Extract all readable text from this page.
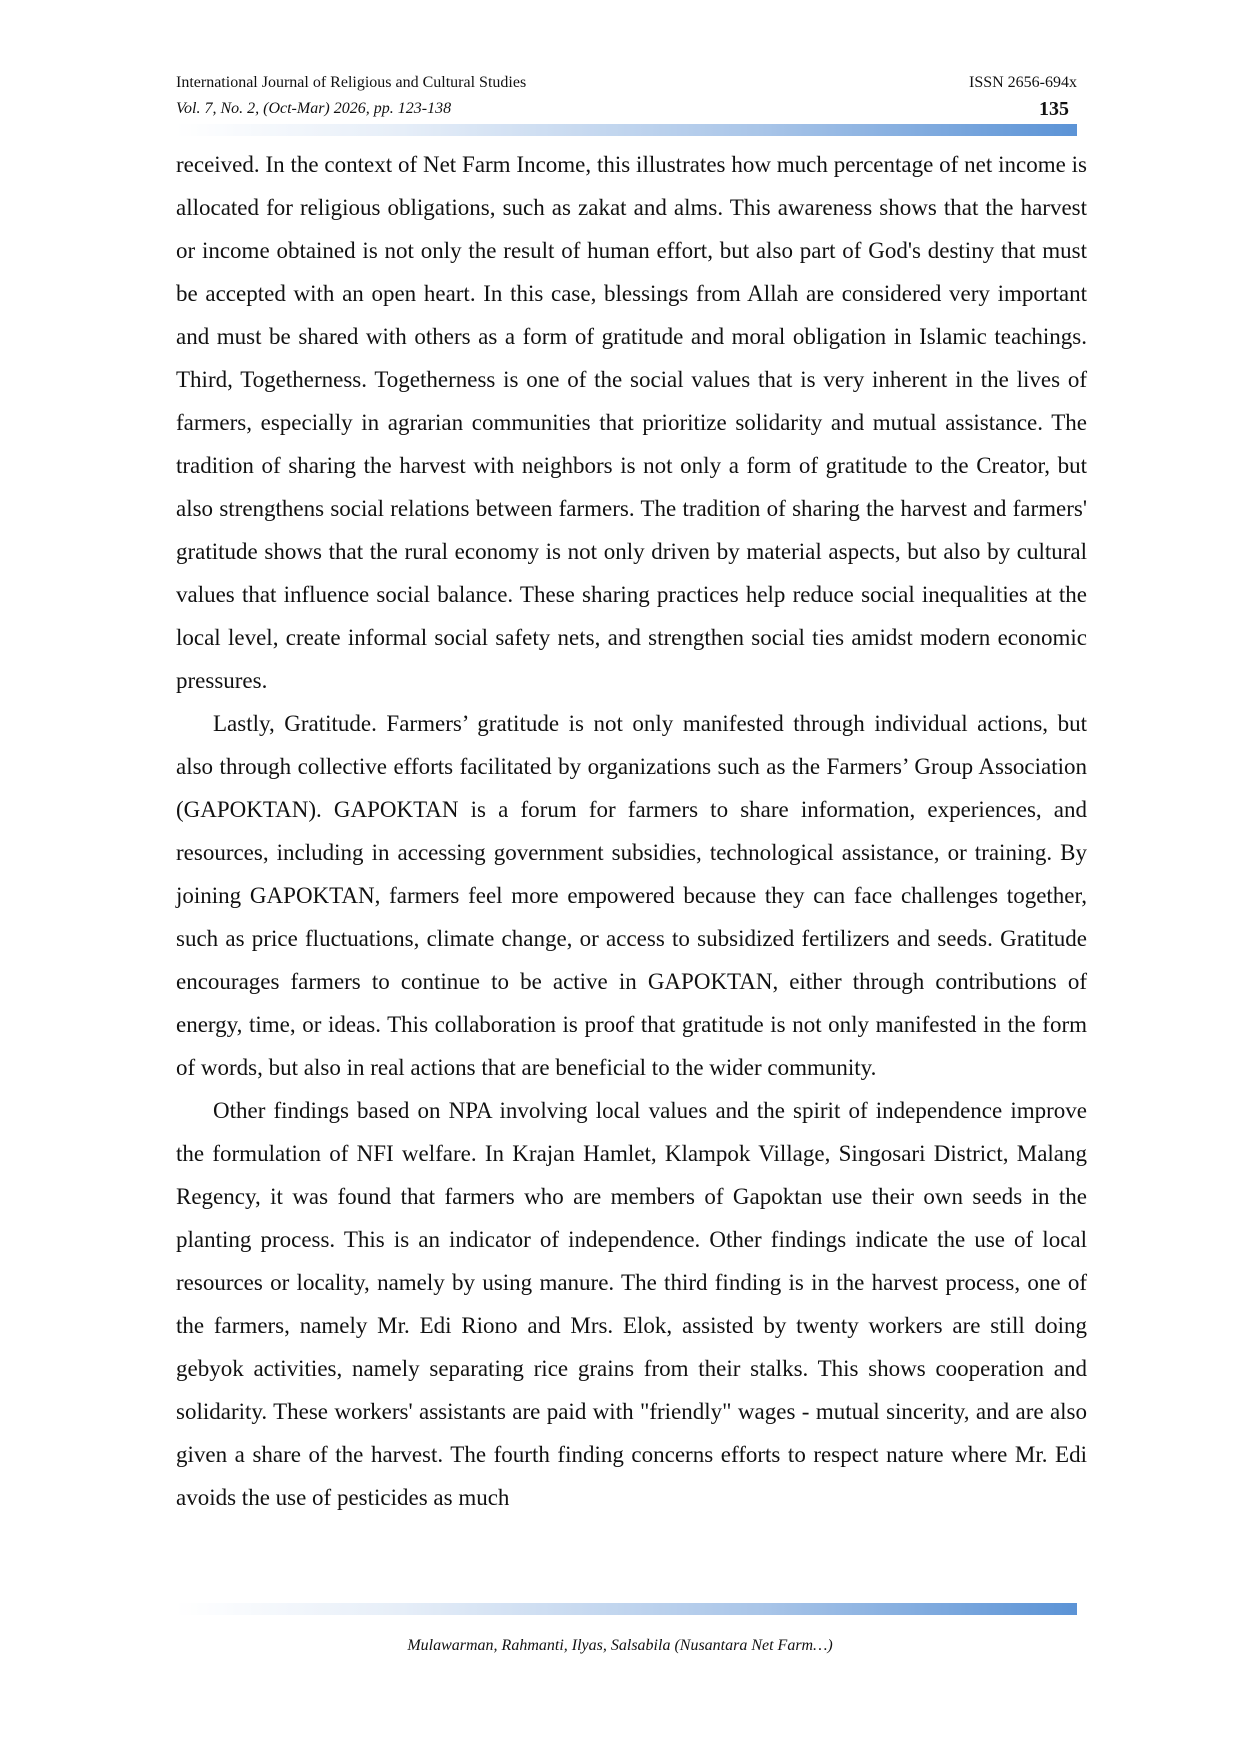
International Journal of Religious and Cultural Studies
Vol. 7, No. 2, (Oct-Mar) 2026, pp. 123-138
ISSN 2656-694x
135

received. In the context of Net Farm Income, this illustrates how much percentage of net income is allocated for religious obligations, such as zakat and alms. This awareness shows that the harvest or income obtained is not only the result of human effort, but also part of God's destiny that must be accepted with an open heart. In this case, blessings from Allah are considered very important and must be shared with others as a form of gratitude and moral obligation in Islamic teachings. Third, Togetherness. Togetherness is one of the social values that is very inherent in the lives of farmers, especially in agrarian communities that prioritize solidarity and mutual assistance. The tradition of sharing the harvest with neighbors is not only a form of gratitude to the Creator, but also strengthens social relations between farmers. The tradition of sharing the harvest and farmers' gratitude shows that the rural economy is not only driven by material aspects, but also by cultural values that influence social balance. These sharing practices help reduce social inequalities at the local level, create informal social safety nets, and strengthen social ties amidst modern economic pressures.

Lastly, Gratitude. Farmers’ gratitude is not only manifested through individual actions, but also through collective efforts facilitated by organizations such as the Farmers’ Group Association (GAPOKTAN). GAPOKTAN is a forum for farmers to share information, experiences, and resources, including in accessing government subsidies, technological assistance, or training. By joining GAPOKTAN, farmers feel more empowered because they can face challenges together, such as price fluctuations, climate change, or access to subsidized fertilizers and seeds. Gratitude encourages farmers to continue to be active in GAPOKTAN, either through contributions of energy, time, or ideas. This collaboration is proof that gratitude is not only manifested in the form of words, but also in real actions that are beneficial to the wider community.

Other findings based on NPA involving local values and the spirit of independence improve the formulation of NFI welfare. In Krajan Hamlet, Klampok Village, Singosari District, Malang Regency, it was found that farmers who are members of Gapoktan use their own seeds in the planting process. This is an indicator of independence. Other findings indicate the use of local resources or locality, namely by using manure. The third finding is in the harvest process, one of the farmers, namely Mr. Edi Riono and Mrs. Elok, assisted by twenty workers are still doing gebyok activities, namely separating rice grains from their stalks. This shows cooperation and solidarity. These workers' assistants are paid with "friendly" wages - mutual sincerity, and are also given a share of the harvest. The fourth finding concerns efforts to respect nature where Mr. Edi avoids the use of pesticides as much

Mulawarman, Rahmanti, Ilyas, Salsabila (Nusantara Net Farm…)
